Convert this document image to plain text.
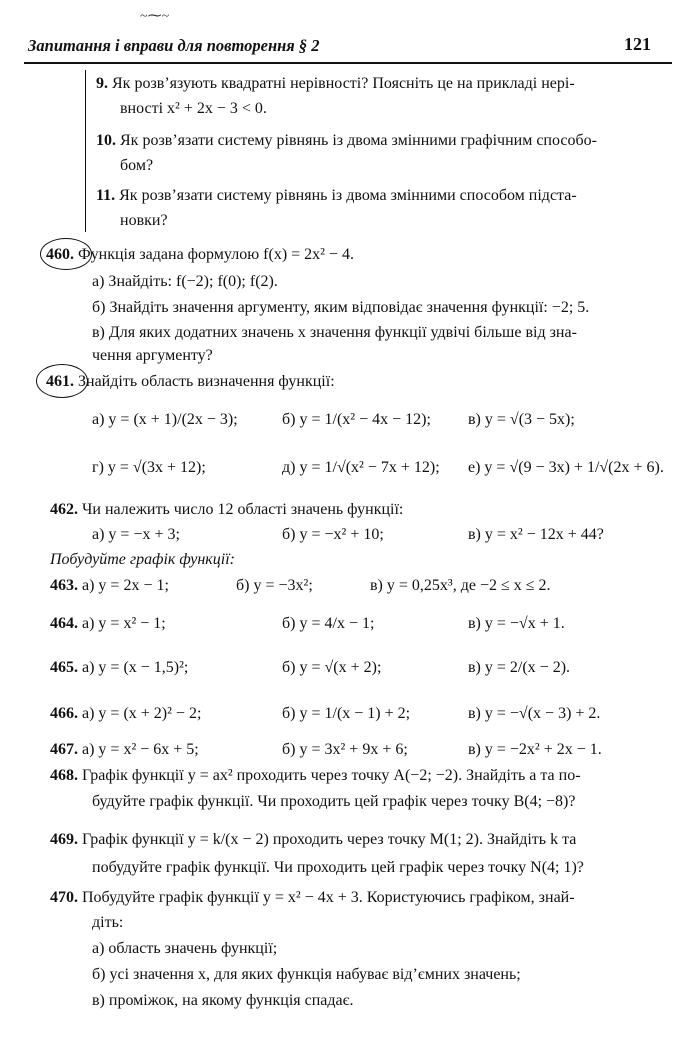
~⁓~
Запитання і вправи для повторення § 2	121
9. Як розв’язують квадратні нерівності? Поясніть це на прикладі нері-
вності x² + 2x − 3 < 0.
10. Як розв’язати систему рівнянь із двома змінними графічним способо-
бом?
11. Як розв’язати систему рівнянь із двома змінними способом підста-
новки?
460. Функція задана формулою f(x) = 2x² − 4.
а) Знайдіть: f(−2); f(0); f(2).
б) Знайдіть значення аргументу, яким відповідає значення функції: −2; 5.
в) Для яких додатних значень x значення функції удвічі більше від зна-
чення аргументу?
461. Знайдіть область визначення функції:
а) y = (x + 1)/(2x − 3);	б) y = 1/(x² − 4x − 12); в) y = √(3 − 5x);
г) y = √(3x + 12);	д) y = 1/√(x² − 7x + 12); е) y = √(9 − 3x) + 1/√(2x + 6).
462. Чи належить число 12 області значень функції:
а) y = −x + 3;	б) y = −x² + 10;	в) y = x² − 12x + 44?
Побудуйте графік функції:
463. а) y = 2x − 1;	б) y = −3x²;	в) y = 0,25x³, де −2 ≤ x ≤ 2.
464. а) y = x² − 1;	б) y = 4/x − 1;	в) y = −√x + 1.
465. а) y = (x − 1,5)²;	б) y = √(x + 2);	в) y = 2/(x − 2).
466. а) y = (x + 2)² − 2;	б) y = 1/(x − 1) + 2;	в) y = −√(x − 3) + 2.
467. а) y = x² − 6x + 5;	б) y = 3x² + 9x + 6;	в) y = −2x² + 2x − 1.
468. Графік функції y = ax² проходить через точку A(−2; −2). Знайдіть a та по-
будуйте графік функції. Чи проходить цей графік через точку B(4; −8)?
469. Графік функції y = k/(x − 2) проходить через точку M(1; 2). Знайдіть k та
побудуйте графік функції. Чи проходить цей графік через точку N(4; 1)?
470. Побудуйте графік функції y = x² − 4x + 3. Користуючись графіком, знай-
діть:
а) область значень функції;
б) усі значення x, для яких функція набуває від’ємних значень;
в) проміжок, на якому функція спадає.
